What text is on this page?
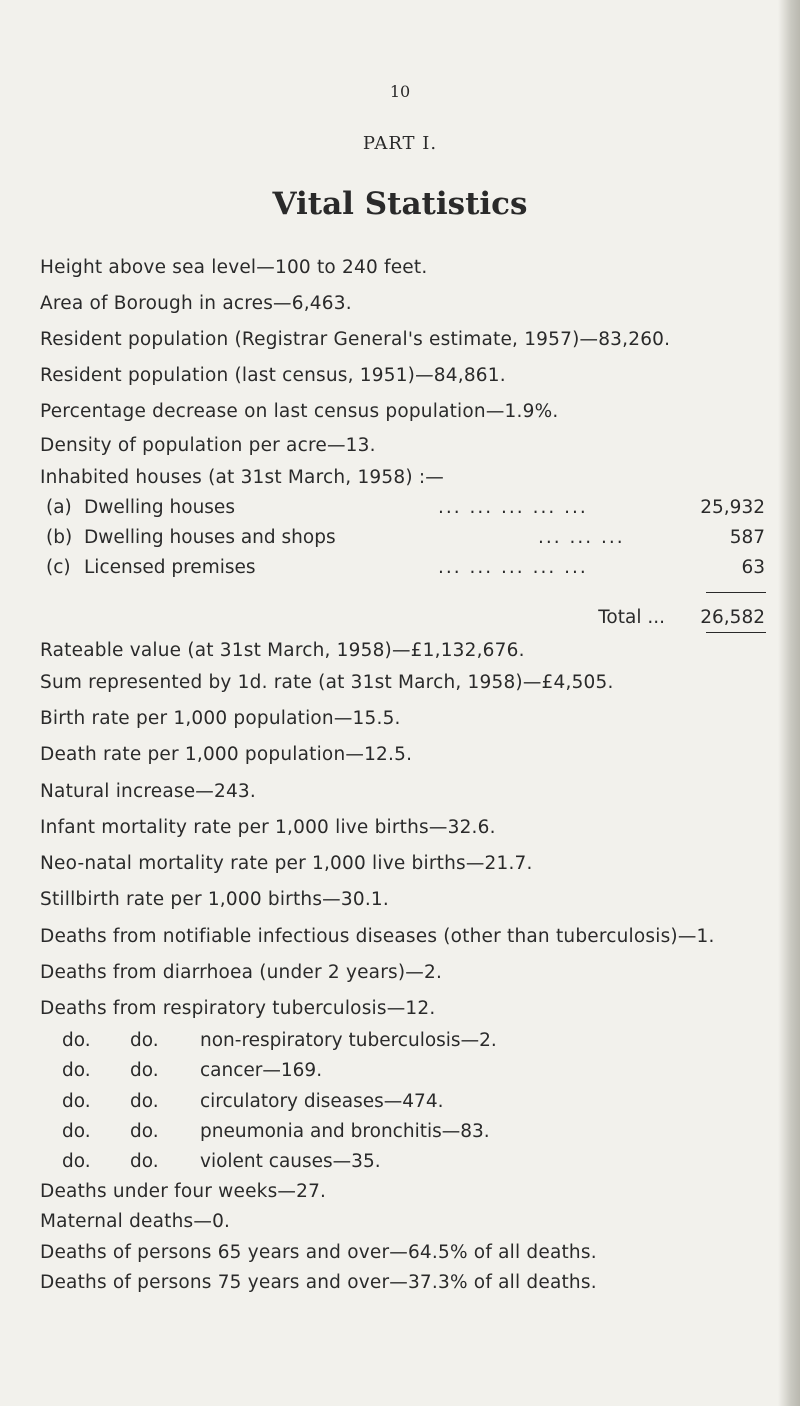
10
PART I.
Vital Statistics
Height above sea level—100 to 240 feet.
Area of Borough in acres—6,463.
Resident population (Registrar General's estimate, 1957)—83,260.
Resident population (last census, 1951)—84,861.
Percentage decrease on last census population—1.9%.
Density of population per acre—13.
Inhabited houses (at 31st March, 1958) :—
(a) Dwelling houses	... ... ... ... ...	25,932
(b) Dwelling houses and shops	... ... ...	587
(c) Licensed premises	... ... ... ... ...	63
Total ... 26,582
Rateable value (at 31st March, 1958)—£1,132,676.
Sum represented by 1d. rate (at 31st March, 1958)—£4,505.
Birth rate per 1,000 population—15.5.
Death rate per 1,000 population—12.5.
Natural increase—243.
Infant mortality rate per 1,000 live births—32.6.
Neo-natal mortality rate per 1,000 live births—21.7.
Stillbirth rate per 1,000 births—30.1.
Deaths from notifiable infectious diseases (other than tuberculosis)—1.
Deaths from diarrhoea (under 2 years)—2.
Deaths from respiratory tuberculosis—12.
do. do. non-respiratory tuberculosis—2.
do. do. cancer—169.
do. do. circulatory diseases—474.
do. do. pneumonia and bronchitis—83.
do. do. violent causes—35.
Deaths under four weeks—27.
Maternal deaths—0.
Deaths of persons 65 years and over—64.5% of all deaths.
Deaths of persons 75 years and over—37.3% of all deaths.
